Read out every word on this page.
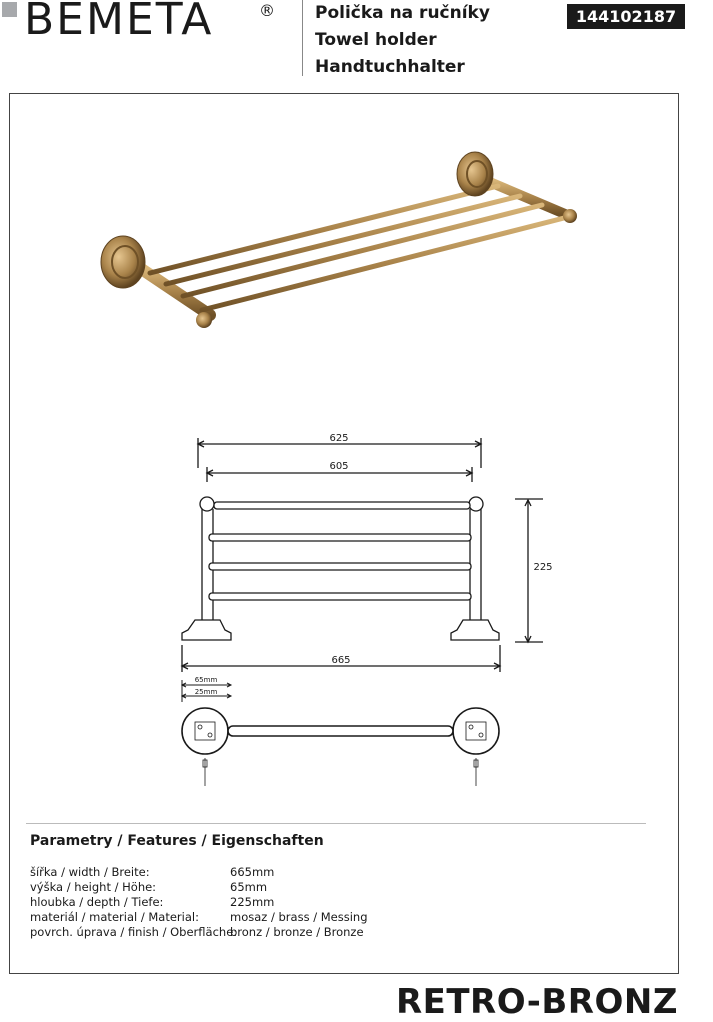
BEMETA	® Polička na ručníky
Towel holder
Handtuchhalter
144102187
625
605
225
665
65mm
25mm
Parametry / Features / Eigenschaften
šířka / width / Breite:	665mm
výška / height / Höhe:	65mm
hloubka / depth / Tiefe:	225mm
materiál / material / Material:	mosaz / brass / Messing
povrch. úprava / finish / Oberfläche:
bronz / bronze / Bronze
RETRO-BRONZ
